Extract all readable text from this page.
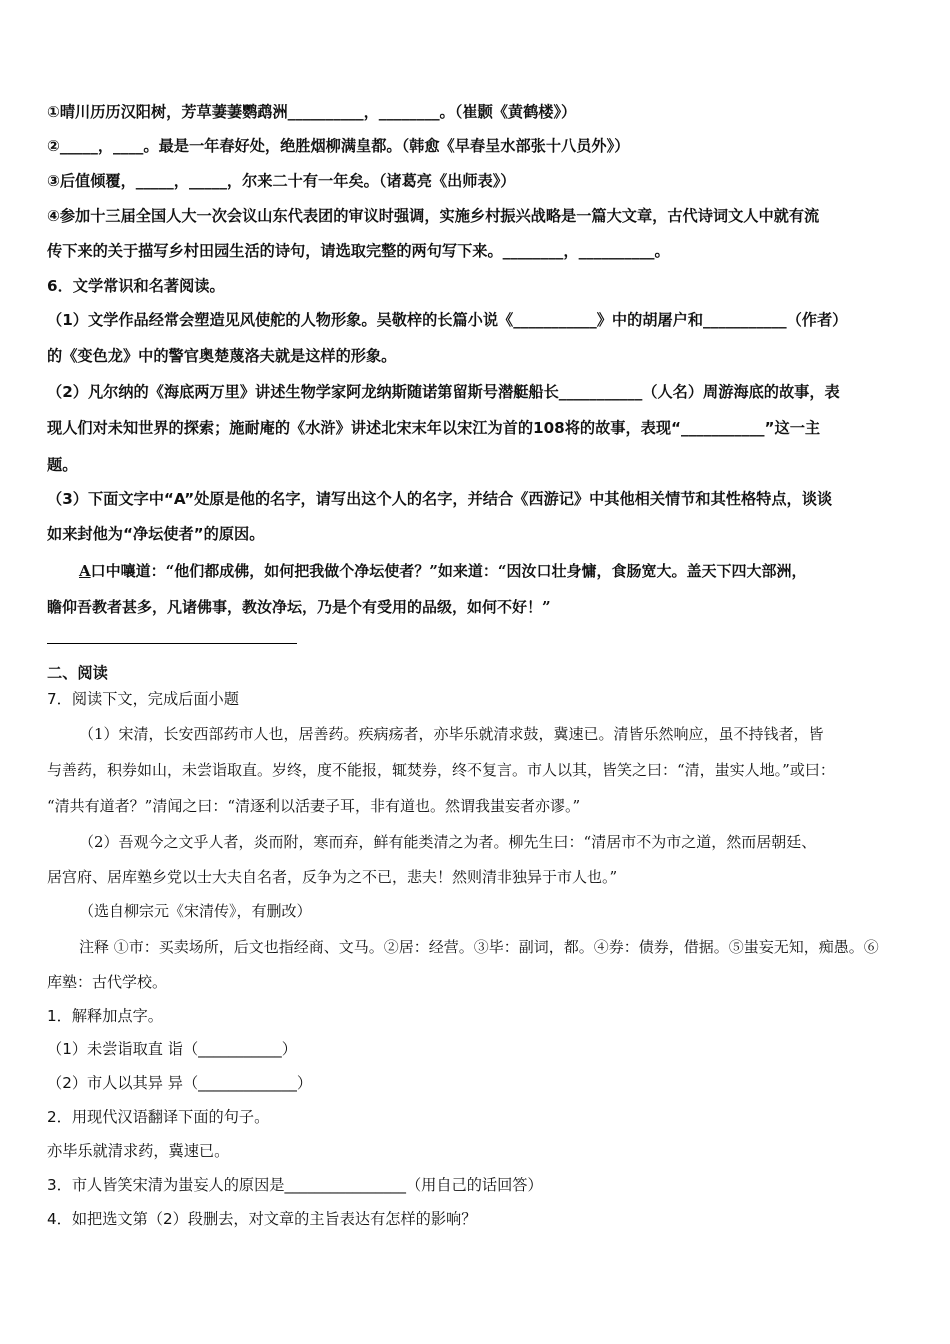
①晴川历历汉阳树，芳草萋萋鹦鹉洲__________，________。（崔颢《黄鹤楼》）
②_____，____。最是一年春好处，绝胜烟柳满皇都。（韩愈《早春呈水部张十八员外》）
③后值倾覆，_____，_____，尔来二十有一年矣。（诸葛亮《出师表》）
④参加十三届全国人大一次会议山东代表团的审议时强调，实施乡村振兴战略是一篇大文章，古代诗词文人中就有流
传下来的关于描写乡村田园生活的诗句，请选取完整的两句写下来。________，__________。
6．文学常识和名著阅读。
（1）文学作品经常会塑造见风使舵的人物形象。吴敬梓的长篇小说《___________》中的胡屠户和___________（作者）
的《变色龙》中的警官奥楚蔑洛夫就是这样的形象。
（2）凡尔纳的《海底两万里》讲述生物学家阿龙纳斯随诺第留斯号潜艇船长___________（人名）周游海底的故事，表
现人们对未知世界的探索；施耐庵的《水浒》讲述北宋末年以宋江为首的108将的故事，表现“___________”这一主
题。
（3）下面文字中“A”处原是他的名字，请写出这个人的名字，并结合《西游记》中其他相关情节和其性格特点，谈谈
如来封他为“净坛使者”的原因。
A口中嚷道：“他们都成佛，如何把我做个净坛使者？”如来道：“因汝口壮身慵，食肠宽大。盖天下四大部洲，
瞻仰吾教者甚多，凡诸佛事，教汝净坛，乃是个有受用的品级，如何不好！”
二、阅读
7．阅读下文，完成后面小题
（1）宋清，长安西部药市人也，居善药。疾病疡者，亦毕乐就清求鼓，冀速已。清皆乐然响应，虽不持钱者，皆
与善药，积券如山，未尝诣取直。岁终，度不能报，辄焚券，终不复言。市人以其，皆笑之曰：“清，蚩实人地。”或曰：
“清共有道者？”清闻之曰：“清逐利以活妻子耳，非有道也。然谓我蚩妄者亦谬。”
（2）吾观今之文乎人者，炎而附，寒而弃，鲜有能类清之为者。柳先生曰：“清居市不为市之道，然而居朝廷、
居宫府、居库塾乡党以士大夫自名者，反争为之不已，悲夫！然则清非独异于市人也。”
（选自柳宗元《宋清传》，有删改）
注释 ①市：买卖场所，后文也指经商、文马。②居：经营。③毕：副词，都。④券：债券，借据。⑤蚩妄无知，痴愚。⑥
库塾：古代学校。
1．解释加点字。
（1）未尝诣取直 诣（___________）
（2）市人以其异 异（_____________）
2．用现代汉语翻译下面的句子。
亦毕乐就清求药，冀速已。
3．市人皆笑宋清为蚩妄人的原因是________________（用自己的话回答）
4．如把选文第（2）段删去，对文章的主旨表达有怎样的影响？
